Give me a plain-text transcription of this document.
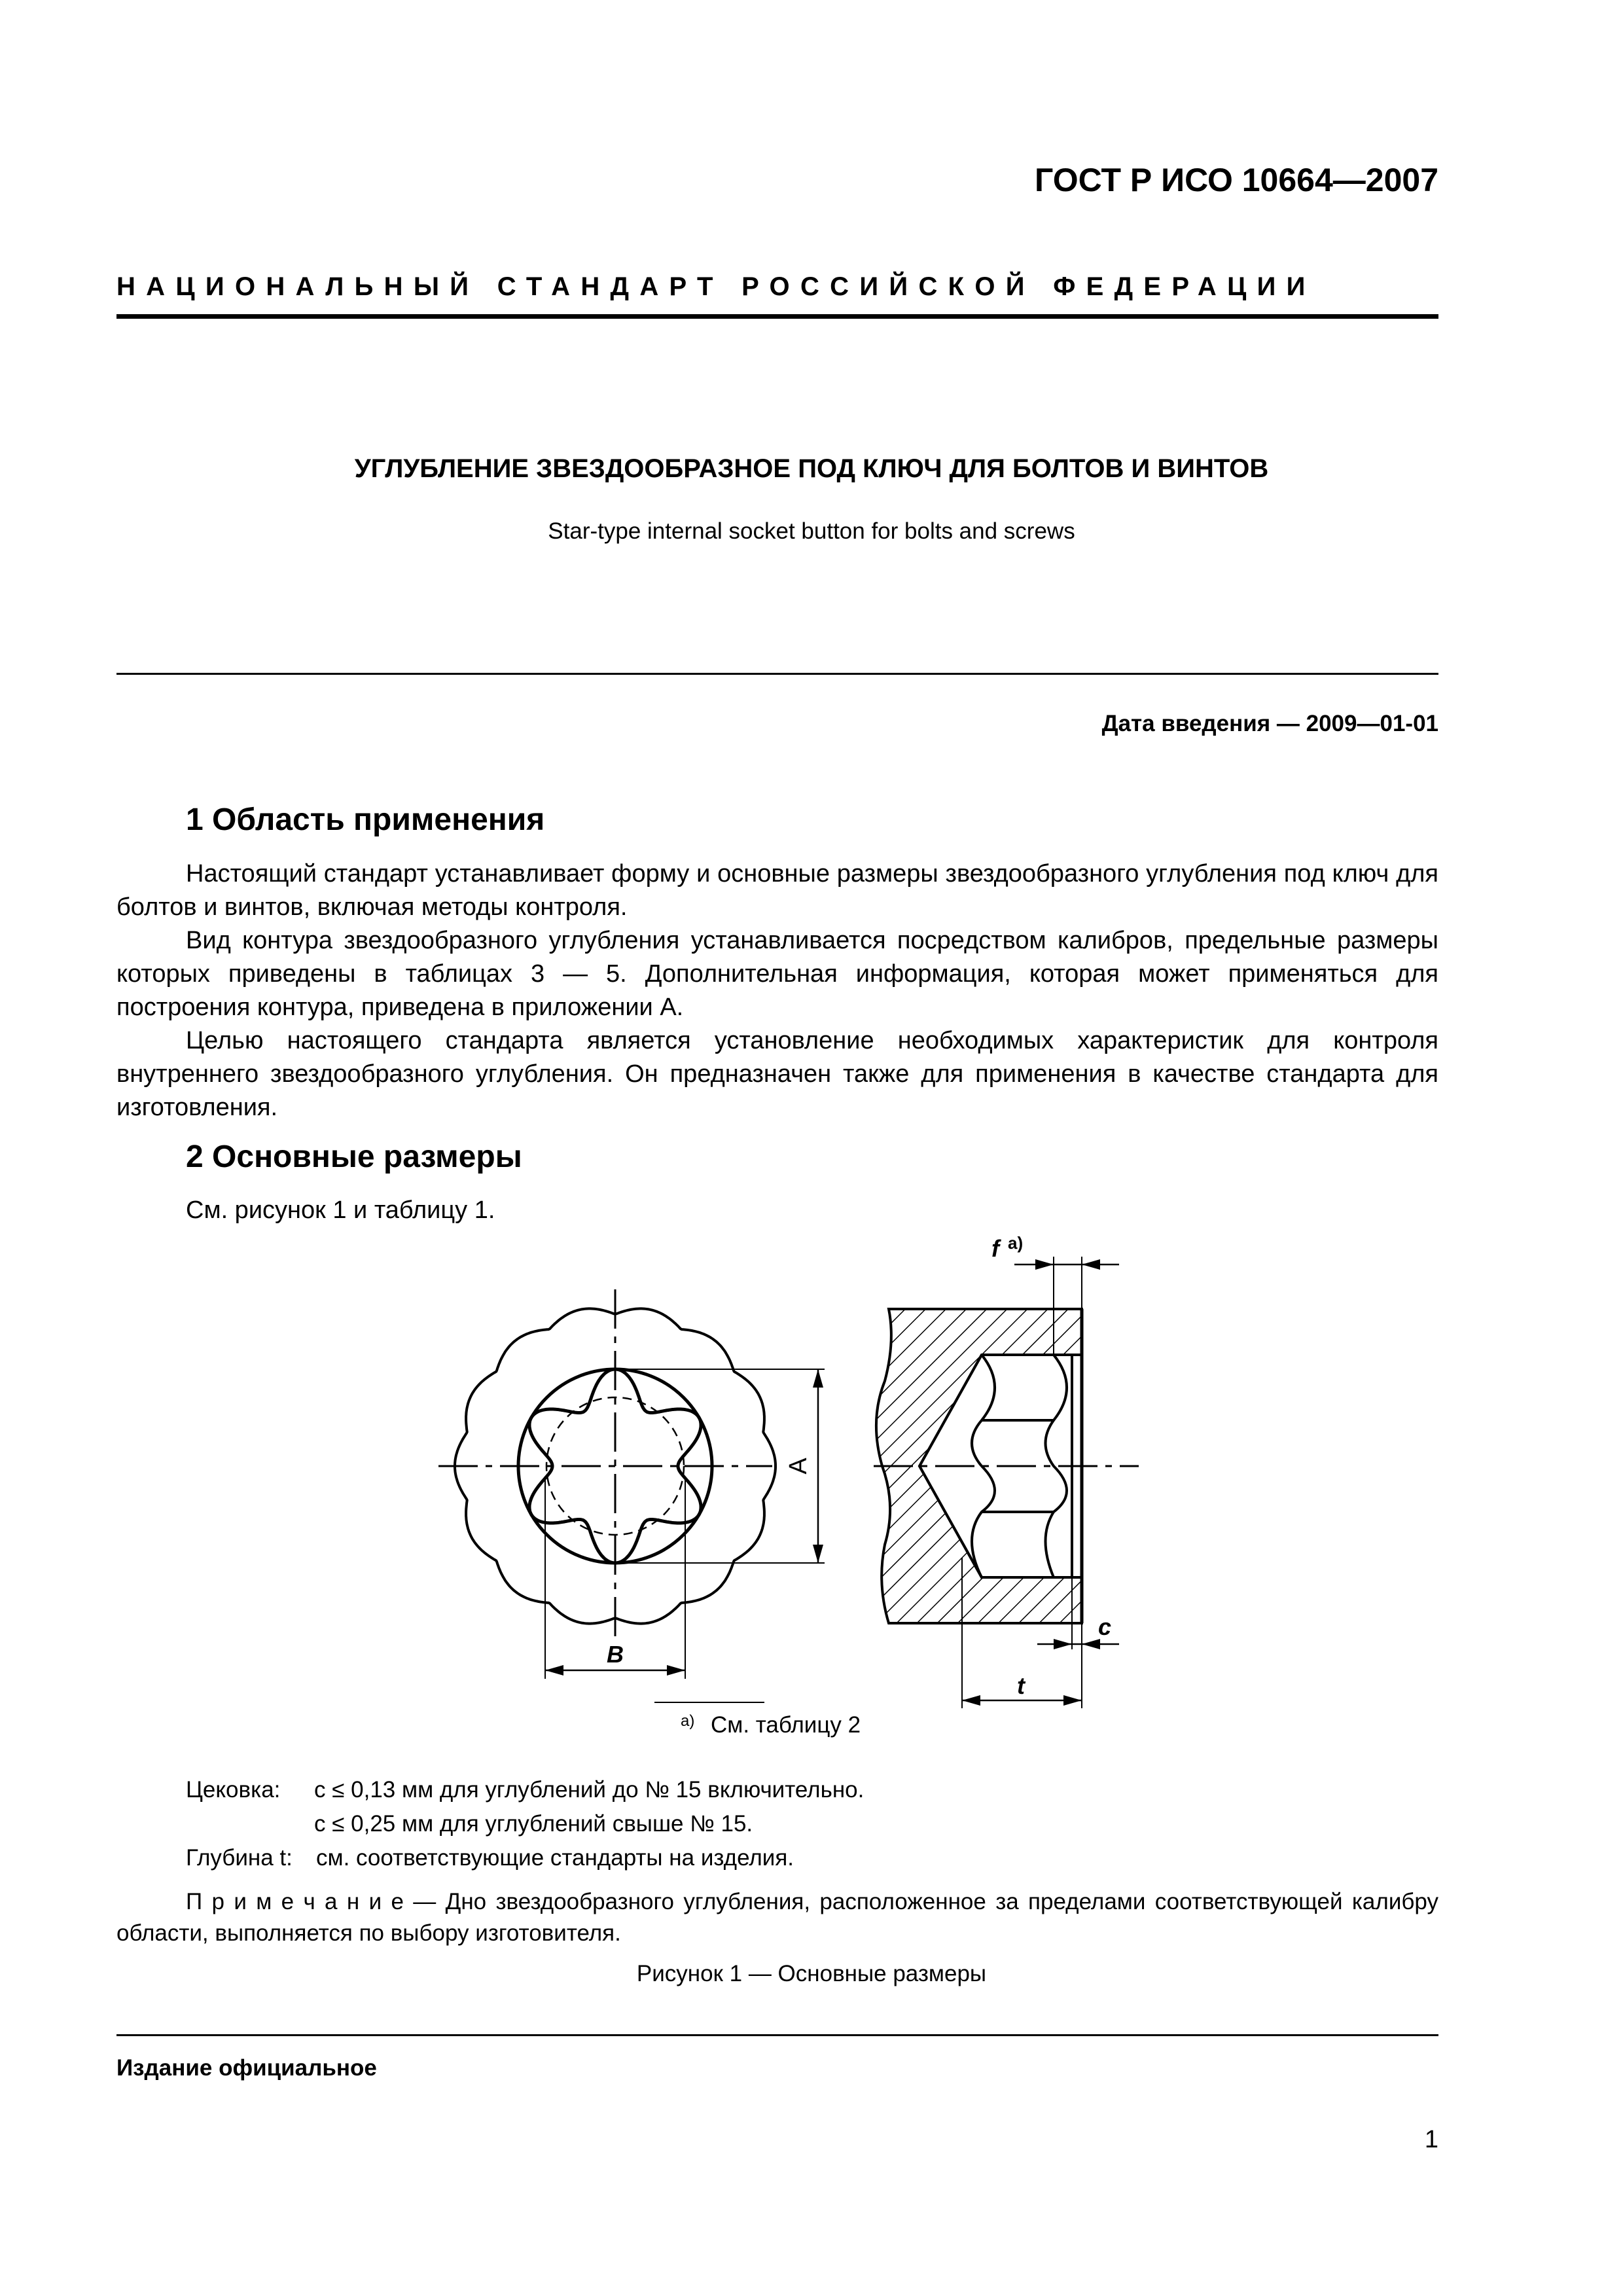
ГОСТ Р ИСО 10664—2007
НАЦИОНАЛЬНЫЙ СТАНДАРТ РОССИЙСКОЙ ФЕДЕРАЦИИ
УГЛУБЛЕНИЕ ЗВЕЗДООБРАЗНОЕ ПОД КЛЮЧ ДЛЯ БОЛТОВ И ВИНТОВ
Star-type internal socket button for bolts and screws
Дата введения — 2009—01-01
1 Область применения

Настоящий стандарт устанавливает форму и основные размеры звездообразного углубления под ключ для болтов и винтов, включая методы контроля.

Вид контура звездообразного углубления устанавливается посредством калибров, предельные размеры которых приведены в таблицах 3 — 5. Дополнительная информация, которая может применяться для построения контура, приведена в приложении А.

Целью настоящего стандарта является установление необходимых характеристик для контроля внутреннего звездообразного углубления. Он предназначен также для применения в качестве стандарта для изготовления.

2 Основные размеры
См. рисунок 1 и таблицу 1.
A
B
f a)
c
t
а) См. таблицу 2
Цековка: c ≤ 0,13 мм для углублений до № 15 включительно.
c ≤ 0,25 мм для углублений свыше № 15.
Глубина t: см. соответствующие стандарты на изделия.

П р и м е ч а н и е — Дно звездообразного углубления, расположенное за пределами соответствующей калибру области, выполняется по выбору изготовителя.

Рисунок 1 — Основные размеры
Издание официальное
1
